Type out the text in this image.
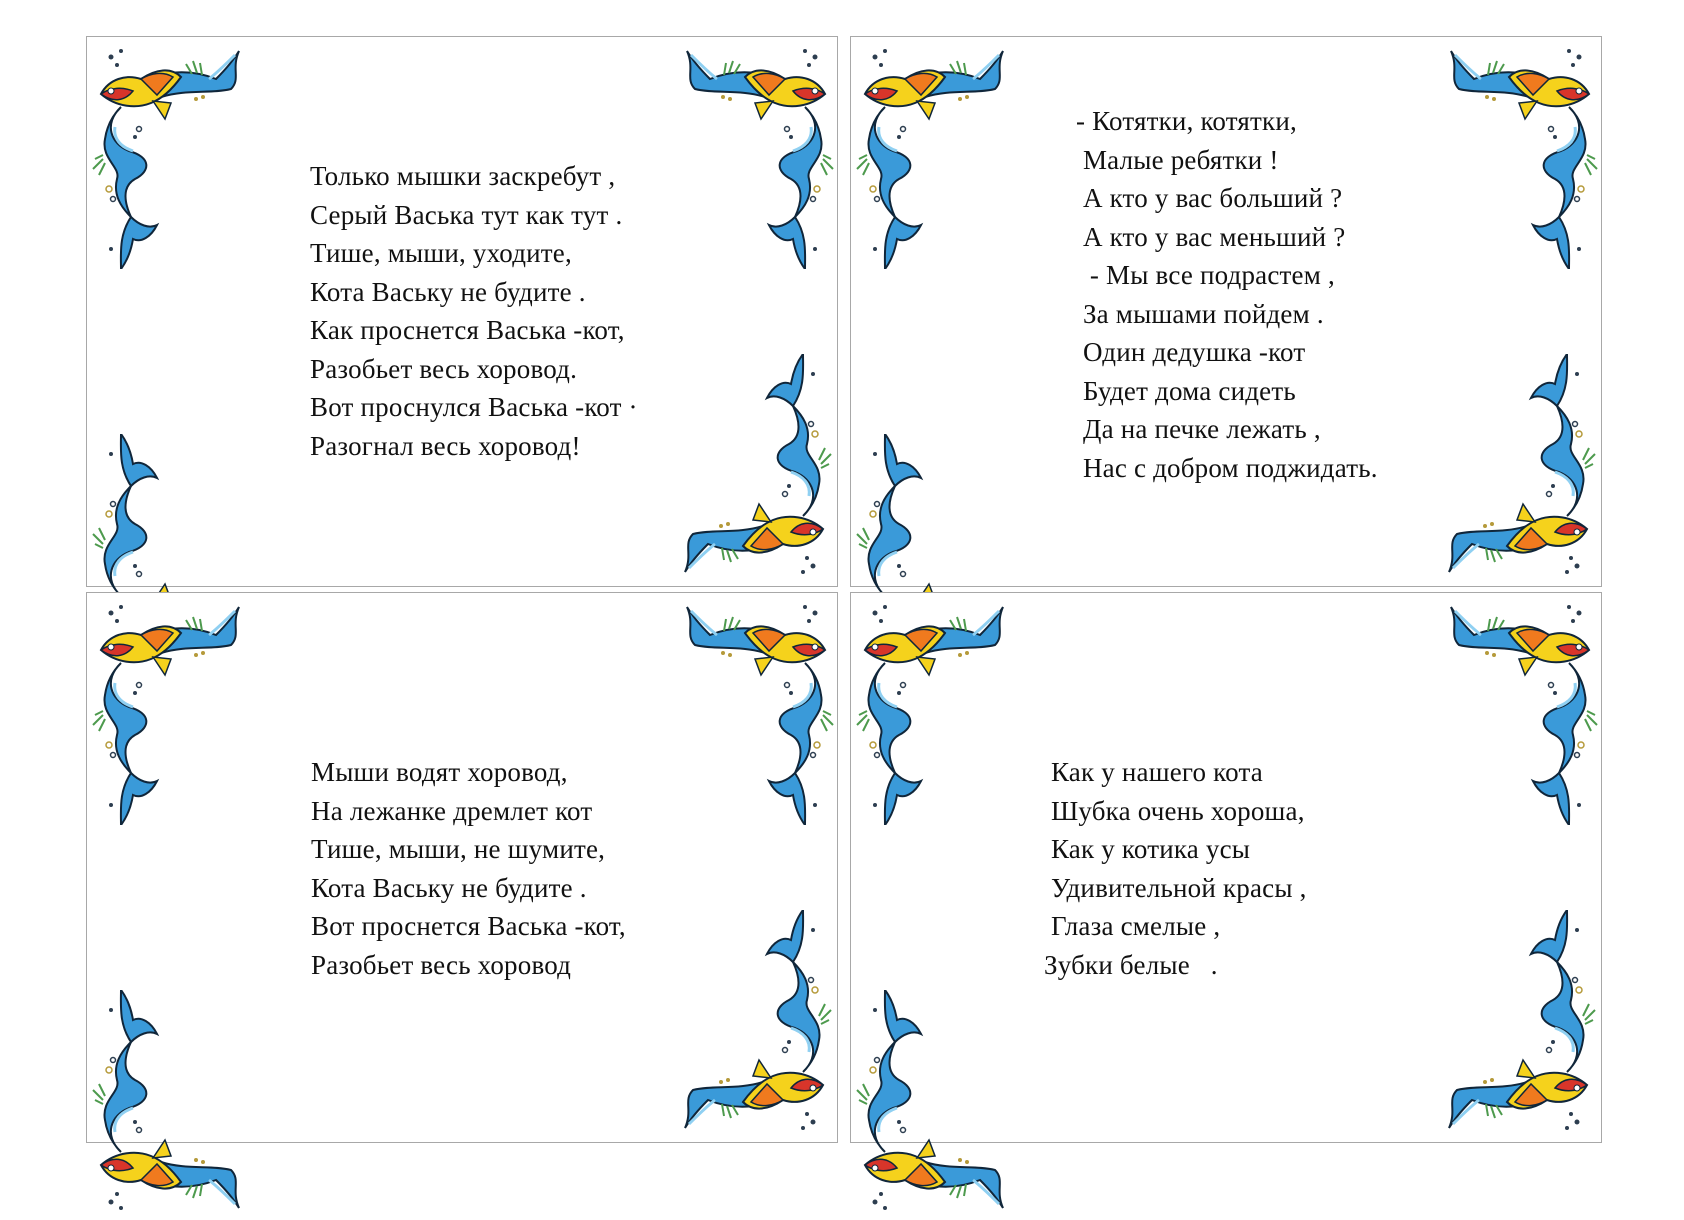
Только мышки заскребут ,
Серый Васька тут как тут .
Тише, мыши, уходите,
Кота Ваську не будите .
Как проснется Васька -кот,
Разобьет весь хоровод.
Вот проснулся Васька -кот ·
Разогнал весь хоровод!
- Котятки, котятки,
Малые ребятки !
А кто у вас больший ?
А кто у вас меньший ?
- Мы все подрастем ,
За мышами пойдем .
Один дедушка -кот
Будет дома сидеть
Да на печке лежать ,
Нас с добром поджидать.
Мыши водят хоровод,
На лежанке дремлет кот
Тише, мыши, не шумите,
Кота Ваську не будите .
Вот проснется Васька -кот,
Разобьет весь хоровод
Как у нашего кота
Шубка очень хороша,
Как у котика усы
Удивительной красы ,
Глаза смелые ,
Зубки белые   .
